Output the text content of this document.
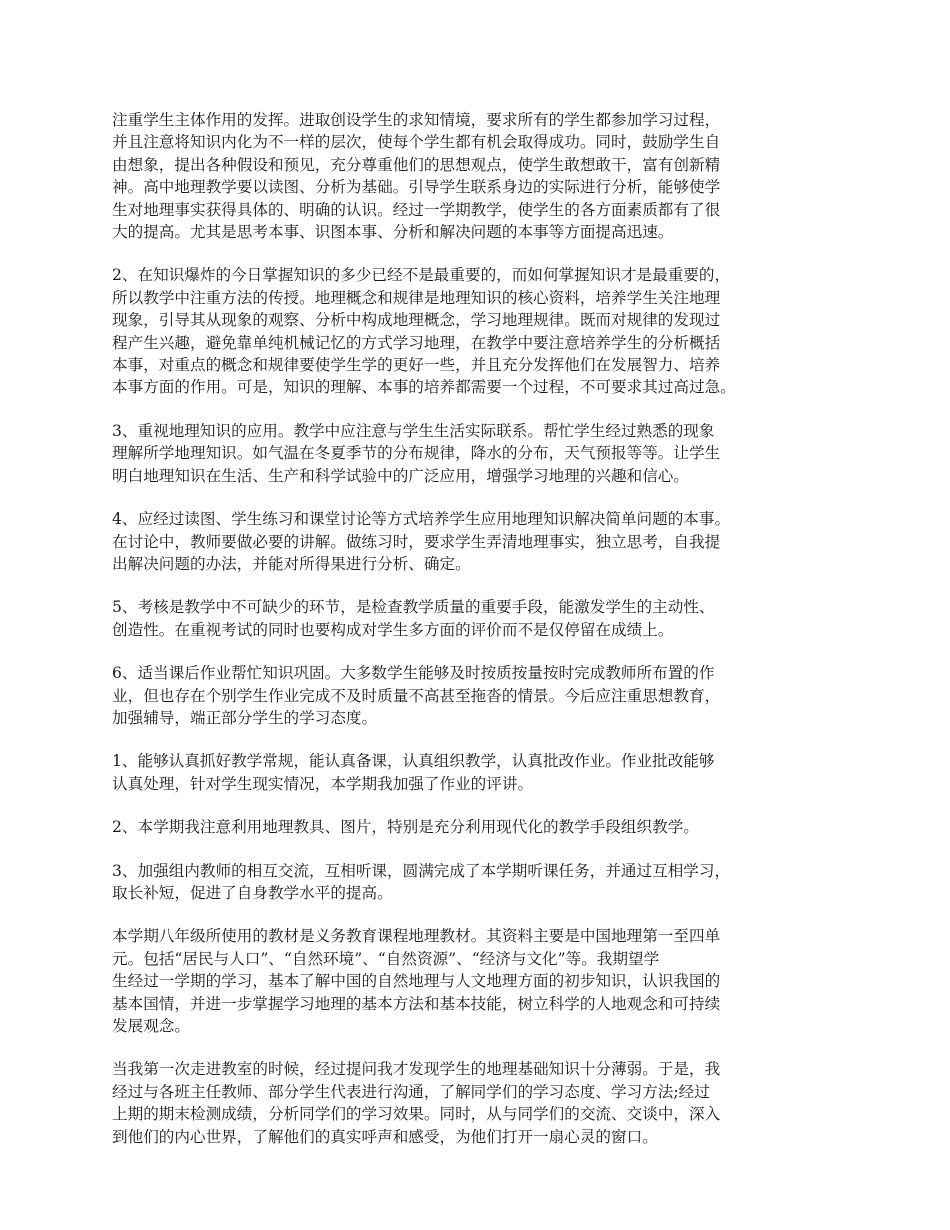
注重学生主体作用的发挥。进取创设学生的求知情境，要求所有的学生都参加学习过程，
并且注意将知识内化为不一样的层次，使每个学生都有机会取得成功。同时，鼓励学生自
由想象，提出各种假设和预见，充分尊重他们的思想观点，使学生敢想敢干，富有创新精
神。高中地理教学要以读图、分析为基础。引导学生联系身边的实际进行分析，能够使学
生对地理事实获得具体的、明确的认识。经过一学期教学，使学生的各方面素质都有了很
大的提高。尤其是思考本事、识图本事、分析和解决问题的本事等方面提高迅速。

2、在知识爆炸的今日掌握知识的多少已经不是最重要的，而如何掌握知识才是最重要的，
所以教学中注重方法的传授。地理概念和规律是地理知识的核心资料，培养学生关注地理
现象，引导其从现象的观察、分析中构成地理概念，学习地理规律。既而对规律的发现过
程产生兴趣，避免靠单纯机械记忆的方式学习地理，在教学中要注意培养学生的分析概括
本事，对重点的概念和规律要使学生学的更好一些，并且充分发挥他们在发展智力、培养
本事方面的作用。可是，知识的理解、本事的培养都需要一个过程，不可要求其过高过急。

3、重视地理知识的应用。教学中应注意与学生生活实际联系。帮忙学生经过熟悉的现象
理解所学地理知识。如气温在冬夏季节的分布规律，降水的分布，天气预报等等。让学生
明白地理知识在生活、生产和科学试验中的广泛应用，增强学习地理的兴趣和信心。

4、应经过读图、学生练习和课堂讨论等方式培养学生应用地理知识解决简单问题的本事。
在讨论中，教师要做必要的讲解。做练习时，要求学生弄清地理事实，独立思考，自我提
出解决问题的办法，并能对所得果进行分析、确定。

5、考核是教学中不可缺少的环节，是检查教学质量的重要手段，能激发学生的主动性、
创造性。在重视考试的同时也要构成对学生多方面的评价而不是仅停留在成绩上。

6、适当课后作业帮忙知识巩固。大多数学生能够及时按质按量按时完成教师所布置的作
业，但也存在个别学生作业完成不及时质量不高甚至拖沓的情景。今后应注重思想教育，
加强辅导，端正部分学生的学习态度。

1、能够认真抓好教学常规，能认真备课，认真组织教学，认真批改作业。作业批改能够
认真处理，针对学生现实情况，本学期我加强了作业的评讲。

2、本学期我注意利用地理教具、图片，特别是充分利用现代化的教学手段组织教学。

3、加强组内教师的相互交流，互相听课，圆满完成了本学期听课任务，并通过互相学习，
取长补短，促进了自身教学水平的提高。

本学期八年级所使用的教材是义务教育课程地理教材。其资料主要是中国地理第一至四单
元。包括“居民与人口”、“自然环境”、“自然资源”、“经济与文化”等。我期望学
生经过一学期的学习，基本了解中国的自然地理与人文地理方面的初步知识，认识我国的
基本国情，并进一步掌握学习地理的基本方法和基本技能，树立科学的人地观念和可持续
发展观念。

当我第一次走进教室的时候，经过提问我才发现学生的地理基础知识十分薄弱。于是，我
经过与各班主任教师、部分学生代表进行沟通，了解同学们的学习态度、学习方法;经过
上期的期末检测成绩，分析同学们的学习效果。同时，从与同学们的交流、交谈中，深入
到他们的内心世界，了解他们的真实呼声和感受，为他们打开一扇心灵的窗口。
